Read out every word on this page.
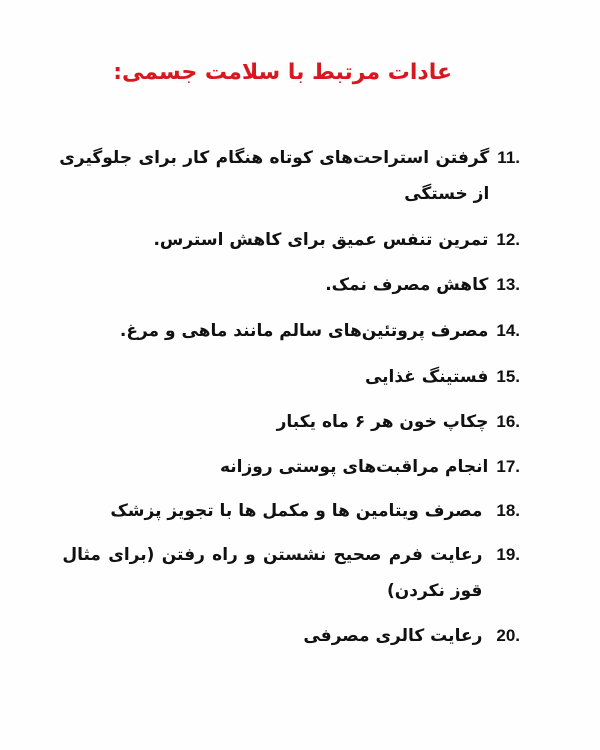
عادات مرتبط با سلامت جسمی:
11.
گرفتن استراحت‌های کوتاه هنگام کار برای جلوگیری از خستگی
12.
تمرین تنفس عمیق برای کاهش استرس.
13.
کاهش مصرف نمک.
14.
مصرف پروتئین‌های سالم مانند ماهی و مرغ.
15.
فستینگ غذایی
16.
چکاپ خون هر ۶ ماه یکبار
17.
انجام مراقبت‌های پوستی روزانه
18.
مصرف ویتامین ها و مکمل ها با تجویز پزشک
19.
رعایت فرم صحیح نشستن و راه رفتن (برای مثال قوز نکردن)
20.
رعایت کالری مصرفی
